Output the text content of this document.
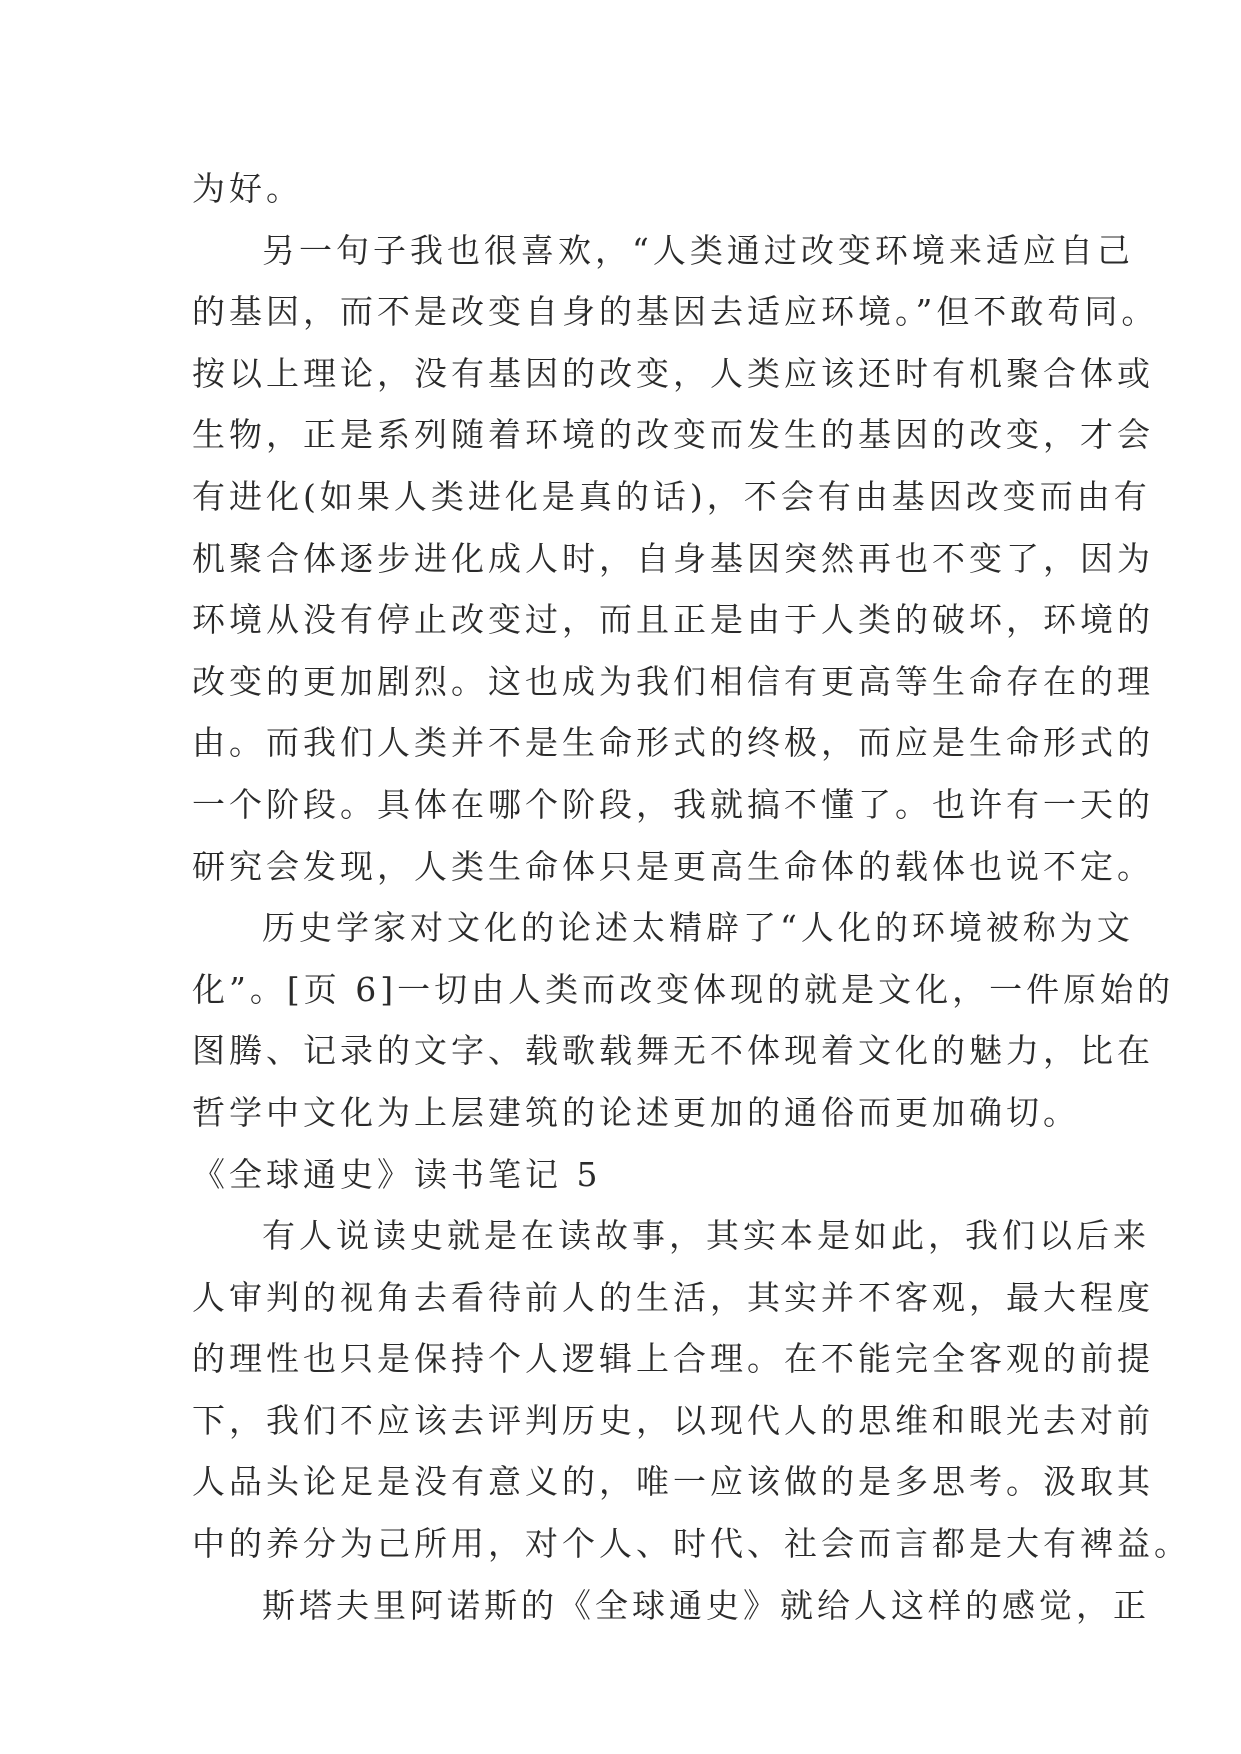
为好。
另一句子我也很喜欢，“人类通过改变环境来适应自己
的基因，而不是改变自身的基因去适应环境。”但不敢苟同。
按以上理论，没有基因的改变，人类应该还时有机聚合体或
生物，正是系列随着环境的改变而发生的基因的改变，才会
有进化(如果人类进化是真的话)，不会有由基因改变而由有
机聚合体逐步进化成人时，自身基因突然再也不变了，因为
环境从没有停止改变过，而且正是由于人类的破坏，环境的
改变的更加剧烈。这也成为我们相信有更高等生命存在的理
由。而我们人类并不是生命形式的终极，而应是生命形式的
一个阶段。具体在哪个阶段，我就搞不懂了。也许有一天的
研究会发现，人类生命体只是更高生命体的载体也说不定。
历史学家对文化的论述太精辟了“人化的环境被称为文
化”。[页 6]一切由人类而改变体现的就是文化，一件原始的
图腾、记录的文字、载歌载舞无不体现着文化的魅力，比在
哲学中文化为上层建筑的论述更加的通俗而更加确切。
《全球通史》读书笔记 5
有人说读史就是在读故事，其实本是如此，我们以后来
人审判的视角去看待前人的生活，其实并不客观，最大程度
的理性也只是保持个人逻辑上合理。在不能完全客观的前提
下，我们不应该去评判历史，以现代人的思维和眼光去对前
人品头论足是没有意义的，唯一应该做的是多思考。汲取其
中的养分为己所用，对个人、时代、社会而言都是大有裨益。
斯塔夫里阿诺斯的《全球通史》就给人这样的感觉，正
